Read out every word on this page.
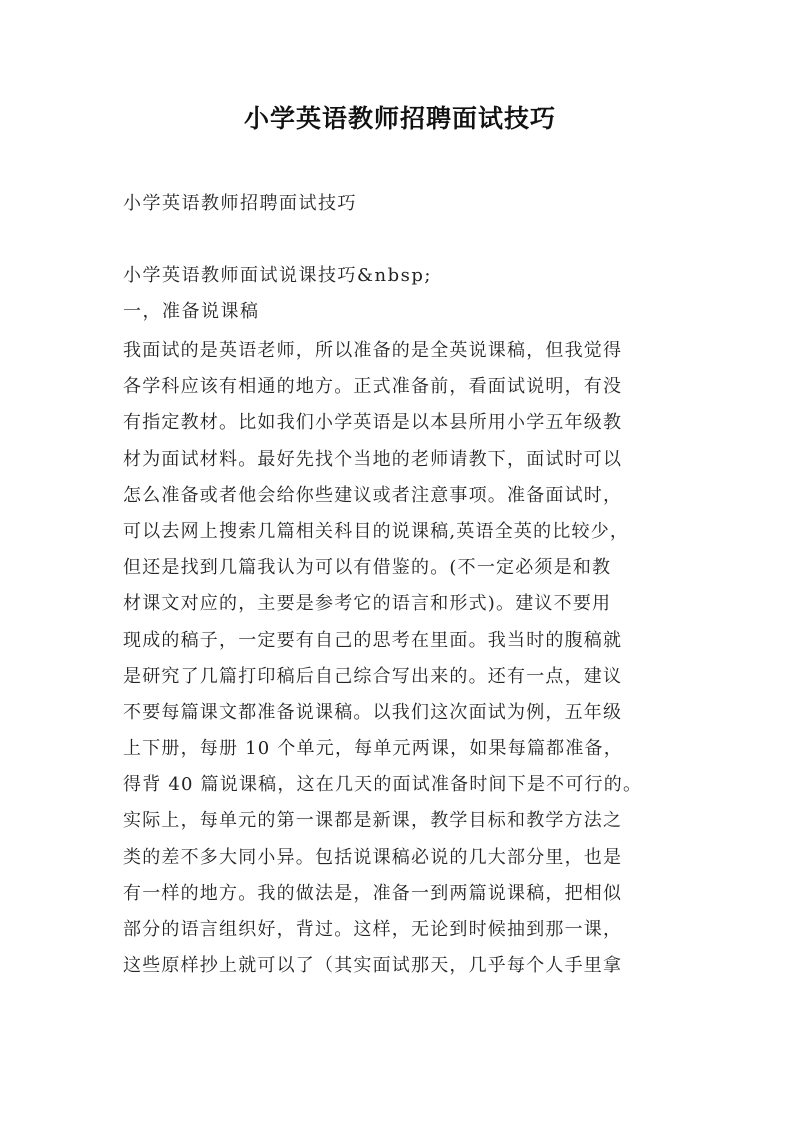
小学英语教师招聘面试技巧
小学英语教师招聘面试技巧
小学英语教师面试说课技巧&nbsp;
一，准备说课稿
我面试的是英语老师，所以准备的是全英说课稿，但我觉得
各学科应该有相通的地方。正式准备前，看面试说明，有没
有指定教材。比如我们小学英语是以本县所用小学五年级教
材为面试材料。最好先找个当地的老师请教下，面试时可以
怎么准备或者他会给你些建议或者注意事项。准备面试时，
可以去网上搜索几篇相关科目的说课稿,英语全英的比较少，
但还是找到几篇我认为可以有借鉴的。(不一定必须是和教
材课文对应的，主要是参考它的语言和形式)。建议不要用
现成的稿子，一定要有自己的思考在里面。我当时的腹稿就
是研究了几篇打印稿后自己综合写出来的。还有一点，建议
不要每篇课文都准备说课稿。以我们这次面试为例，五年级
上下册，每册 10 个单元，每单元两课，如果每篇都准备，
得背 40 篇说课稿，这在几天的面试准备时间下是不可行的。
实际上，每单元的第一课都是新课，教学目标和教学方法之
类的差不多大同小异。包括说课稿必说的几大部分里，也是
有一样的地方。我的做法是，准备一到两篇说课稿，把相似
部分的语言组织好，背过。这样，无论到时候抽到那一课，
这些原样抄上就可以了（其实面试那天，几乎每个人手里拿
